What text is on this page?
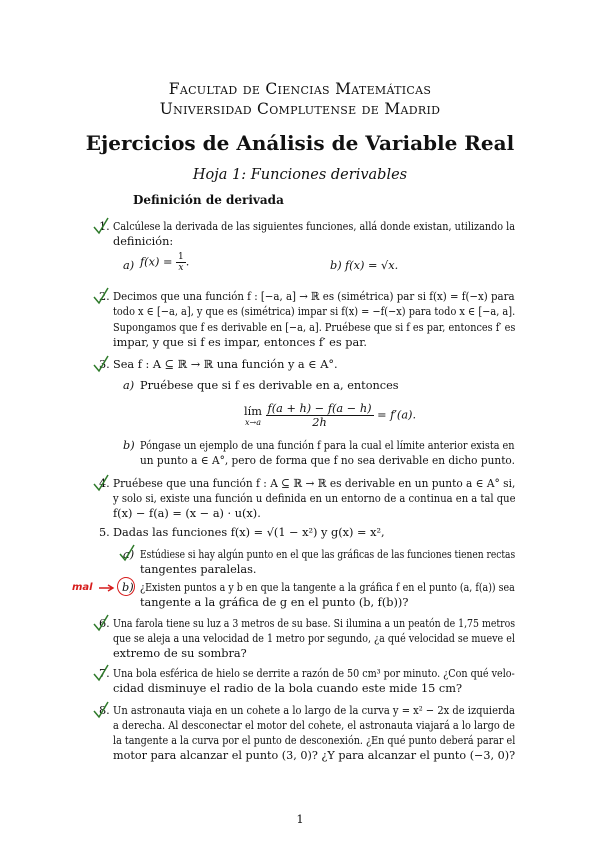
Facultad de Ciencias Matemáticas
Universidad Complutense de Madrid
Ejercicios de Análisis de Variable Real
Hoja 1: Funciones derivables
Definición de derivada
1. Calcúlese la derivada de las siguientes funciones, allá donde existan, utilizando la
definición:
a) $f(x) = \frac{1}{x}$ .	b) f(x) = √x.
2. Decimos que una función f : [−a, a] → ℝ es (simétrica) par si f(x) = f(−x) para
todo x ∈ [−a, a], y que es (simétrica) impar si f(x) = −f(−x) para todo x ∈ [−a, a].
Supongamos que f es derivable en [−a, a]. Pruébese que si f es par, entonces f′ es
impar, y que si f es impar, entonces f′ es par.
3. Sea f : A ⊆ ℝ → ℝ una función y a ∈ A°.
a) Pruébese que si f es derivable en a, entonces
lím
x→a
$\frac{f(a + h) - f(a - h)}{2h} = f'(a)$.
b) Póngase un ejemplo de una función f para la cual el límite anterior exista en
un punto a ∈ A°, pero de forma que f no sea derivable en dicho punto.
4. Pruébese que una función f : A ⊆ ℝ → ℝ es derivable en un punto a ∈ A° si,
y solo si, existe una función u definida en un entorno de a continua en a tal que
f(x) − f(a) = (x − a) · u(x).
5. Dadas las funciones f(x) = √(1 − x²) y g(x) = x²,
a) Estúdiese si hay algún punto en el que las gráficas de las funciones tienen rectas
tangentes paralelas.
mal	b) ¿Existen puntos a y b en que la tangente a la gráfica f en el punto (a, f(a)) sea
tangente a la gráfica de g en el punto (b, f(b))?
6. Una farola tiene su luz a 3 metros de su base. Si ilumina a un peatón de 1,75 metros
que se aleja a una velocidad de 1 metro por segundo, ¿a qué velocidad se mueve el
extremo de su sombra?
7. Una bola esférica de hielo se derrite a razón de 50 cm³ por minuto. ¿Con qué velo-
cidad disminuye el radio de la bola cuando este mide 15 cm?
8. Un astronauta viaja en un cohete a lo largo de la curva y = x² − 2x de izquierda
a derecha. Al desconectar el motor del cohete, el astronauta viajará a lo largo de
la tangente a la curva por el punto de desconexión. ¿En qué punto deberá parar el
motor para alcanzar el punto (3, 0)? ¿Y para alcanzar el punto (−3, 0)?
1
